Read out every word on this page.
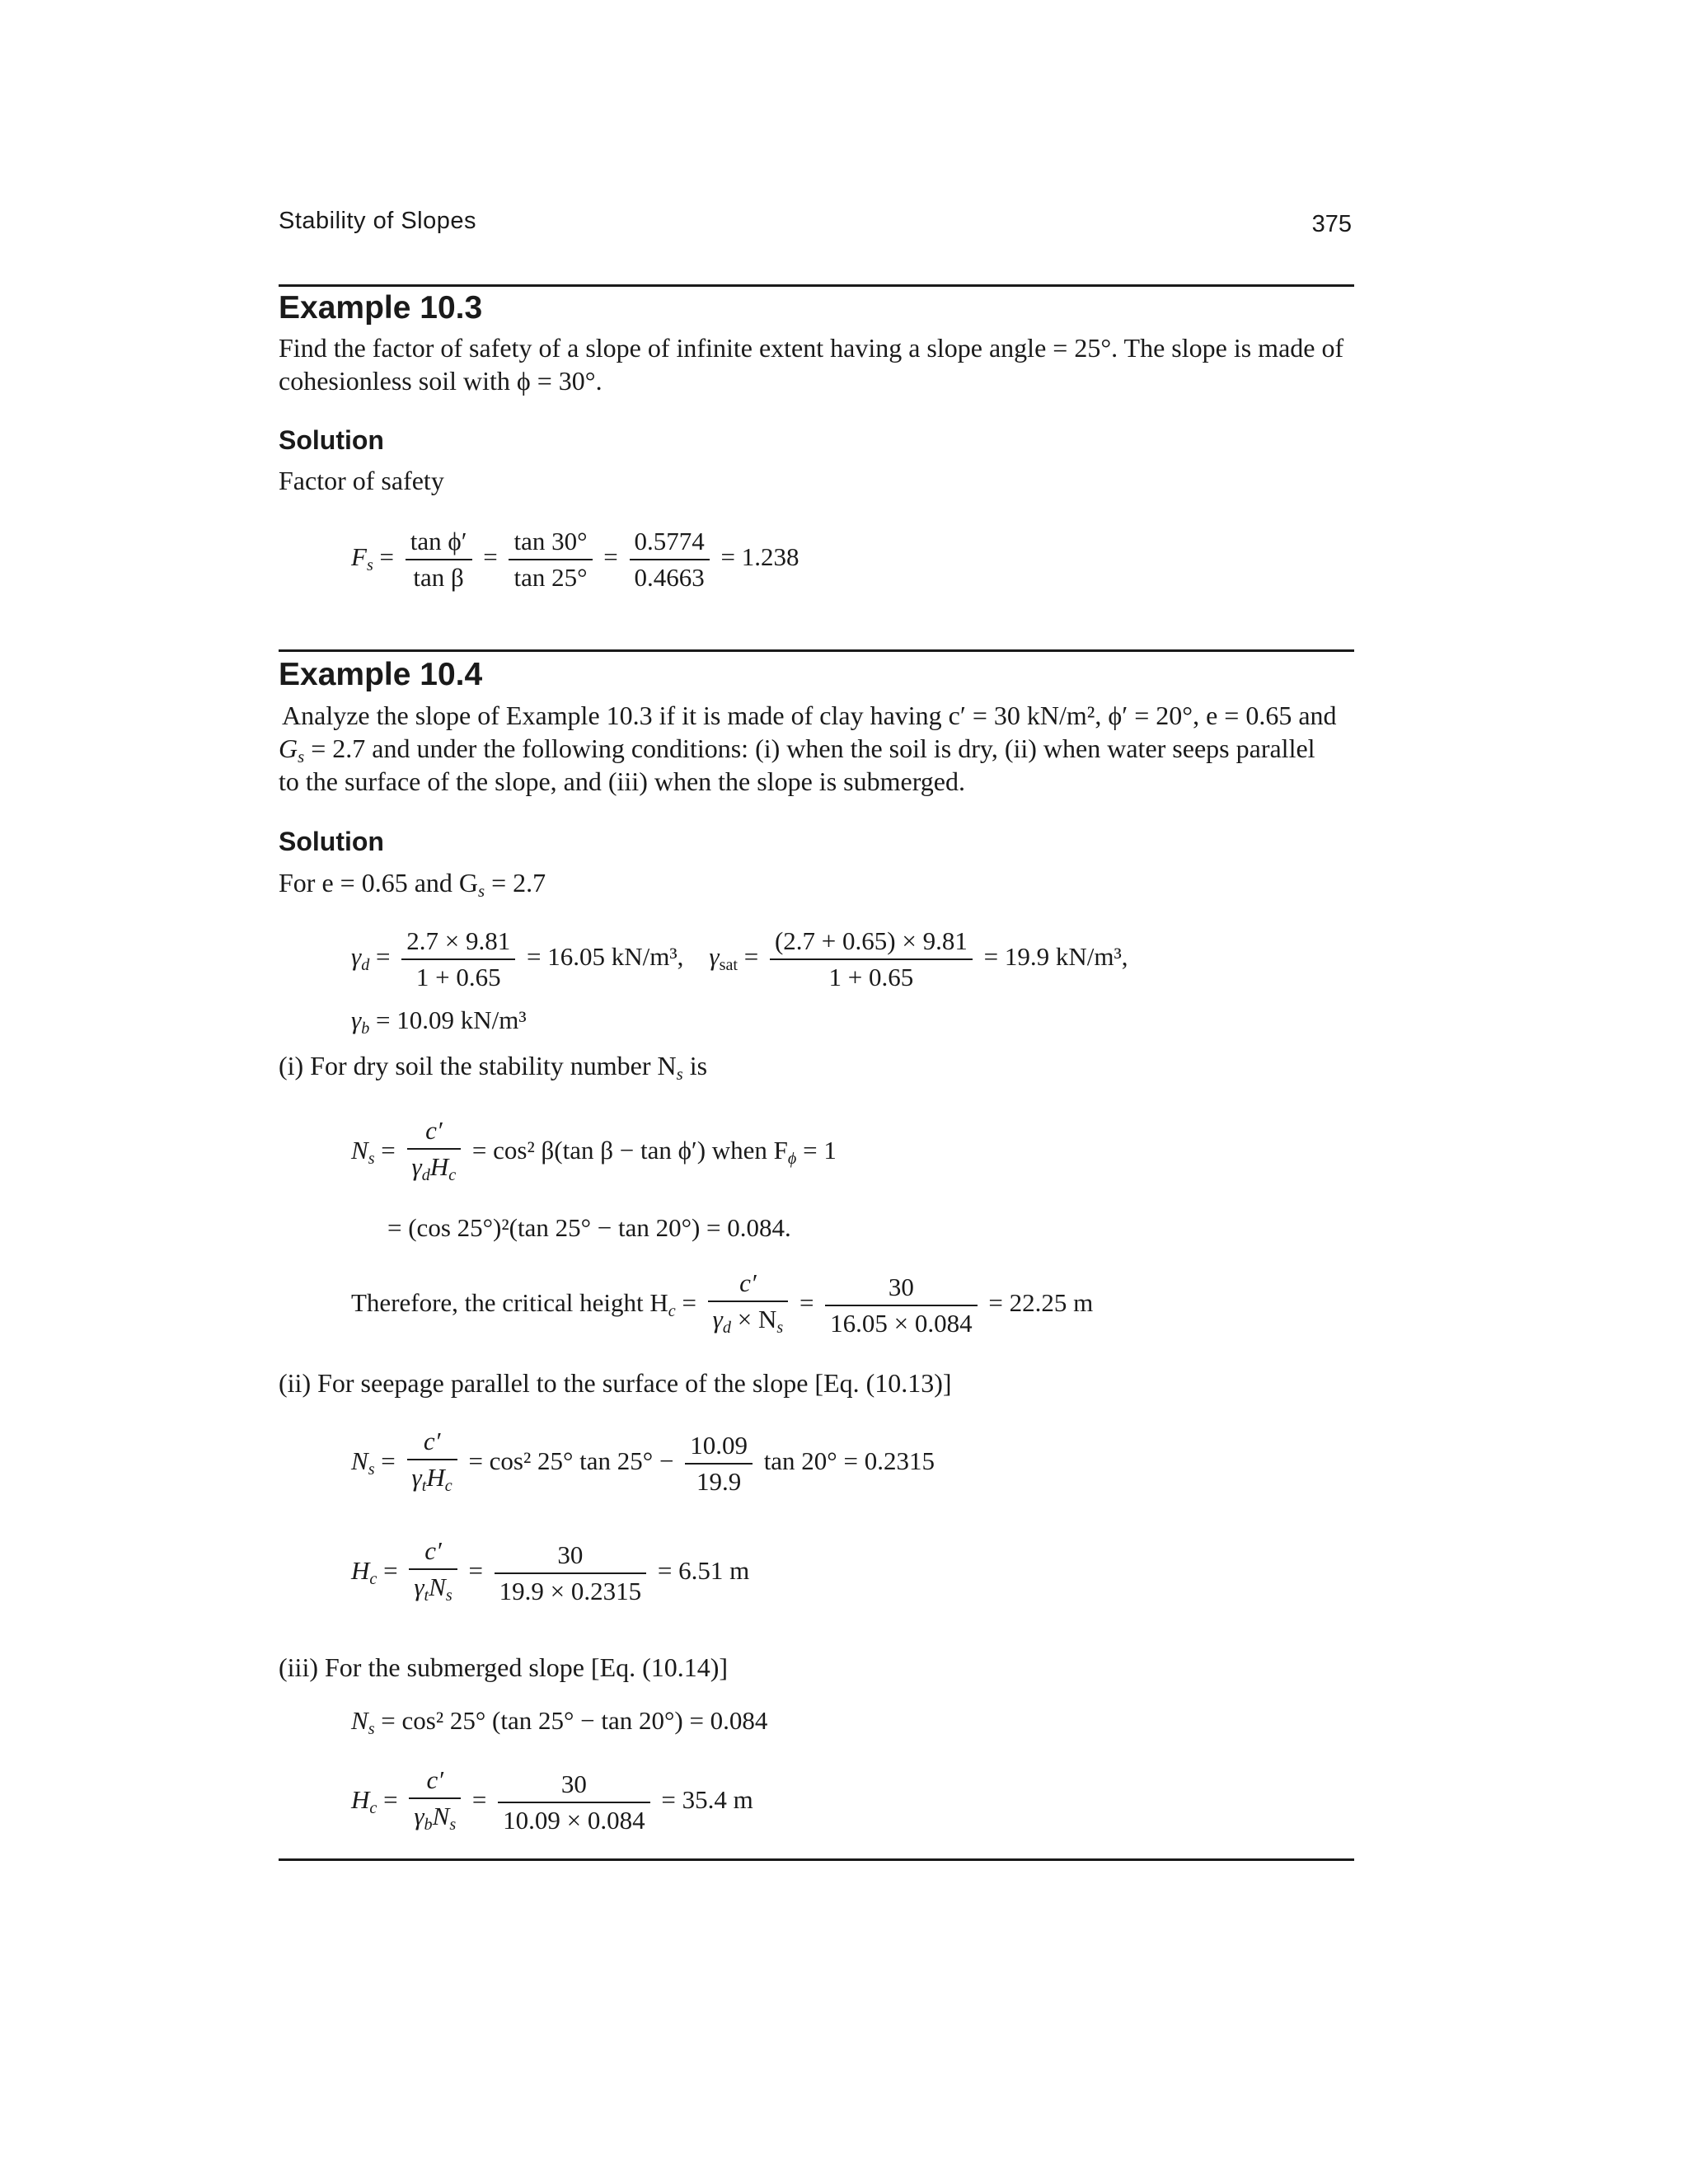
Stability of Slopes	375
Example 10.3
Find the factor of safety of a slope of infinite extent having a slope angle = 25°. The slope is made of cohesionless soil with ϕ = 30°.
Solution
Factor of safety
$F_s = \frac{\text{tan ϕ′}}{\text{tan β}} = \frac{\tan 30^\circ}{\tan 25^\circ} = \frac{0.5774}{0.4663} = 1.238$
Example 10.4
Analyze the slope of Example 10.3 if it is made of clay having c′ = 30 kN/m², ϕ′ = 20°, e = 0.65 and
$G_s = 2.7$ and under the following conditions: (i) when the soil is dry, (ii) when water seeps parallel
to the surface of the slope, and (iii) when the slope is submerged.
Solution
For e = 0.65 and $G_s = 2.7$
$\gamma_d = \frac{2.7 \times 9.81}{1 + 0.65} = 16.05$ kN/m³, $\gamma_{sat} = \frac{(2.7 + 0.65) \times 9.81}{1 + 0.65} = 19.9$ kN/m³,
$\gamma_b = 10.09$ kN/m³
(i) For dry soil the stability number $N_s$ is
$N_s = \frac{c'}{\gamma_dH_c} = \cos^2$ β(tan β − tan ϕ′) when $F_\phi = 1$
= (cos 25°)²(tan 25° − tan 20°) = 0.084.
Therefore, the critical height $H_c = \frac{c'}{\gamma_d \times N_s} = \frac{30}{16.05 \times 0.084} = 22.25$ m
(ii) For seepage parallel to the surface of the slope [Eq. (10.13)]
$N_s = \frac{c'}{\gamma_tH_c} = \cos^2$ 25° $\tan 25^\circ - \frac{10.09}{19.9}$ tan 20° = 0.2315
$H_c = \frac{c'}{\gamma_tN_s} = \frac{30}{19.9 \times 0.2315} = 6.51$ m
(iii) For the submerged slope [Eq. (10.14)]
$N_s = \cos^2$ 25° (tan 25° − tan 20°) = 0.084
$H_c = \frac{c'}{\gamma_bN_s} = \frac{30}{10.09 \times 0.084} = 35.4$ m
